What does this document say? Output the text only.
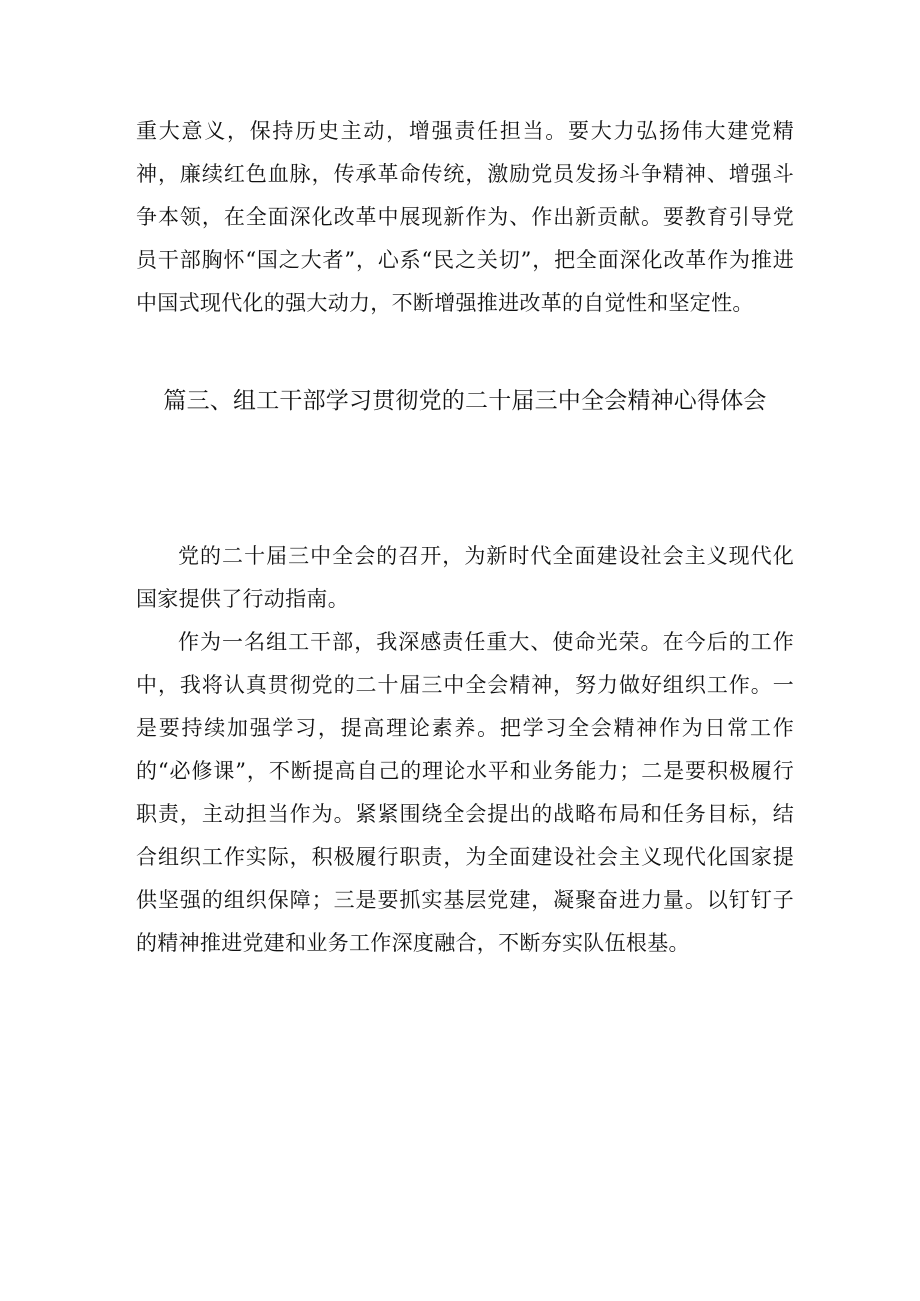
重大意义，保持历史主动，增强责任担当。要大力弘扬伟大建党精神，廉续红色血脉，传承革命传统，激励党员发扬斗争精神、增强斗争本领，在全面深化改革中展现新作为、作出新贡献。要教育引导党员干部胸怀“国之大者”，心系“民之关切”，把全面深化改革作为推进中国式现代化的强大动力，不断增强推进改革的自觉性和坚定性。

篇三、组工干部学习贯彻党的二十届三中全会精神心得体会

党的二十届三中全会的召开，为新时代全面建设社会主义现代化国家提供了行动指南。

作为一名组工干部，我深感责任重大、使命光荣。在今后的工作中，我将认真贯彻党的二十届三中全会精神，努力做好组织工作。一是要持续加强学习，提高理论素养。把学习全会精神作为日常工作的“必修课”，不断提高自己的理论水平和业务能力；二是要积极履行职责，主动担当作为。紧紧围绕全会提出的战略布局和任务目标，结合组织工作实际，积极履行职责，为全面建设社会主义现代化国家提供坚强的组织保障；三是要抓实基层党建，凝聚奋进力量。以钉钉子的精神推进党建和业务工作深度融合，不断夯实队伍根基。
